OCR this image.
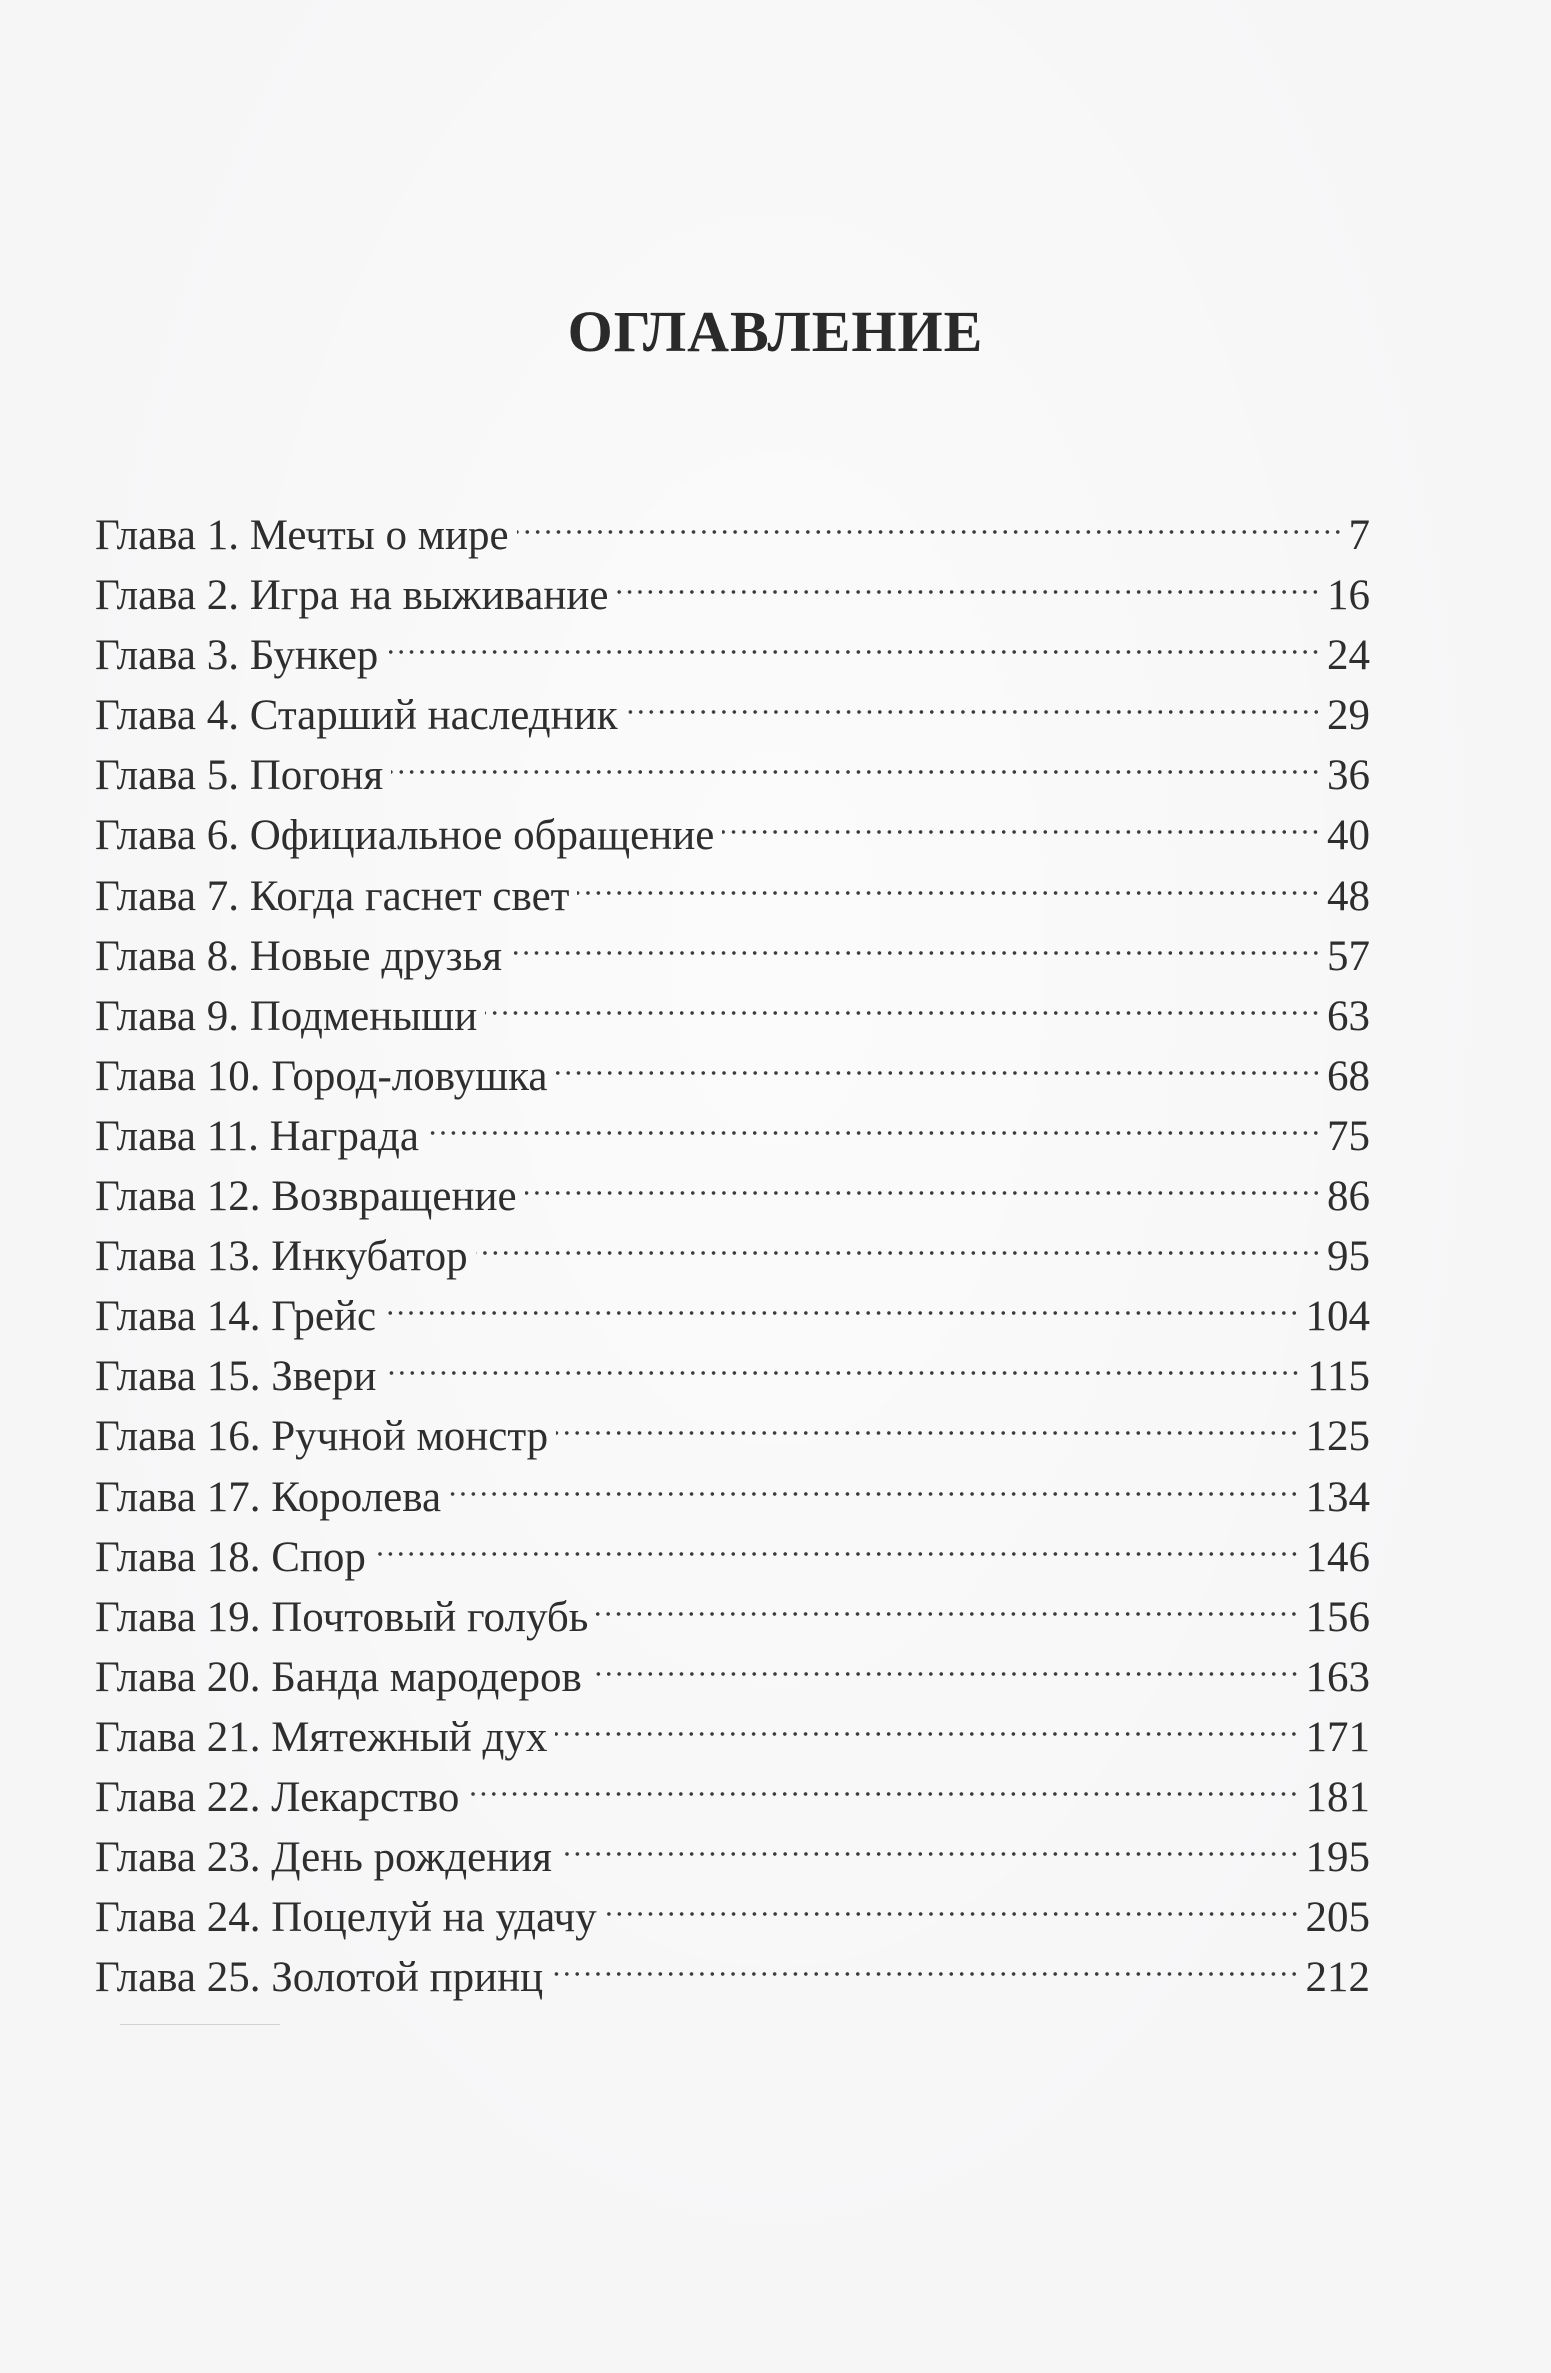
ОГЛАВЛЕНИЕ
Глава 1. Мечты о мире	7
Глава 2. Игра на выживание	16
Глава 3. Бункер	24
Глава 4. Старший наследник	29
Глава 5. Погоня	36
Глава 6. Официальное обращение	40
Глава 7. Когда гаснет свет	48
Глава 8. Новые друзья	57
Глава 9. Подменыши	63
Глава 10. Город-ловушка	68
Глава 11. Награда	75
Глава 12. Возвращение	86
Глава 13. Инкубатор	95
Глава 14. Грейс	104
Глава 15. Звери	115
Глава 16. Ручной монстр	125
Глава 17. Королева	134
Глава 18. Спор	146
Глава 19. Почтовый голубь	156
Глава 20. Банда мародеров	163
Глава 21. Мятежный дух	171
Глава 22. Лекарство	181
Глава 23. День рождения	195
Глава 24. Поцелуй на удачу	205
Глава 25. Золотой принц	212
